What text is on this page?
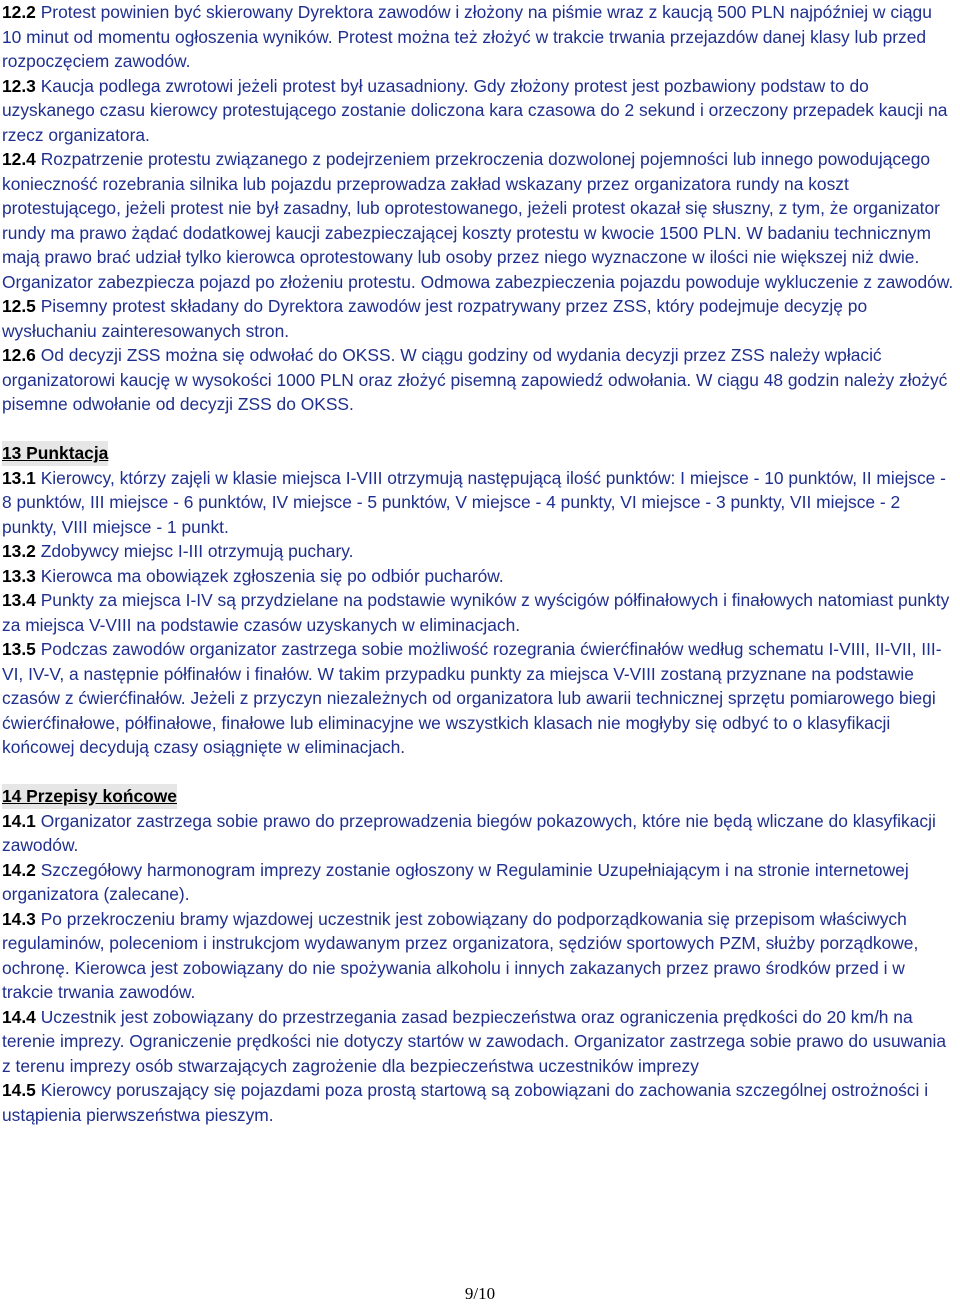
12.2 Protest powinien być skierowany Dyrektora zawodów i złożony na piśmie wraz z kaucją 500 PLN najpóźniej w ciągu 10 minut od momentu ogłoszenia wyników. Protest można też złożyć w trakcie trwania przejazdów danej klasy lub przed rozpoczęciem zawodów.

12.3 Kaucja podlega zwrotowi jeżeli protest był uzasadniony. Gdy złożony protest jest pozbawiony podstaw to do uzyskanego czasu kierowcy protestującego zostanie doliczona kara czasowa do 2 sekund i orzeczony przepadek kaucji na rzecz organizatora.

12.4 Rozpatrzenie protestu związanego z podejrzeniem przekroczenia dozwolonej pojemności lub innego powodującego konieczność rozebrania silnika lub pojazdu przeprowadza zakład wskazany przez organizatora rundy na koszt protestującego, jeżeli protest nie był zasadny, lub oprotestowanego, jeżeli protest okazał się słuszny, z tym, że organizator rundy ma prawo żądać dodatkowej kaucji zabezpieczającej koszty protestu w kwocie 1500 PLN. W badaniu technicznym mają prawo brać udział tylko kierowca oprotestowany lub osoby przez niego wyznaczone w ilości nie większej niż dwie. Organizator zabezpiecza pojazd po złożeniu protestu. Odmowa zabezpieczenia pojazdu powoduje wykluczenie z zawodów.

12.5 Pisemny protest składany do Dyrektora zawodów jest rozpatrywany przez ZSS, który podejmuje decyzję po wysłuchaniu zainteresowanych stron.

12.6 Od decyzji ZSS można się odwołać do OKSS. W ciągu godziny od wydania decyzji przez ZSS należy wpłacić organizatorowi kaucję w wysokości 1000 PLN oraz złożyć pisemną zapowiedź odwołania. W ciągu 48 godzin należy złożyć pisemne odwołanie od decyzji ZSS do OKSS.

13 Punktacja

13.1 Kierowcy, którzy zajęli w klasie miejsca I-VIII otrzymują następującą ilość punktów: I miejsce - 10 punktów, II miejsce - 8 punktów, III miejsce - 6 punktów, IV miejsce - 5 punktów, V miejsce - 4 punkty, VI miejsce - 3 punkty, VII miejsce - 2 punkty, VIII miejsce - 1 punkt.

13.2 Zdobywcy miejsc I-III otrzymują puchary.

13.3 Kierowca ma obowiązek zgłoszenia się po odbiór pucharów.

13.4 Punkty za miejsca I-IV są przydzielane na podstawie wyników z wyścigów półfinałowych i finałowych natomiast punkty za miejsca V-VIII na podstawie czasów uzyskanych w eliminacjach.

13.5 Podczas zawodów organizator zastrzega sobie możliwość rozegrania ćwierćfinałów według schematu I-VIII, II-VII, III-VI, IV-V, a następnie półfinałów i finałów. W takim przypadku punkty za miejsca V-VIII zostaną przyznane na podstawie czasów z ćwierćfinałów. Jeżeli z przyczyn niezależnych od organizatora lub awarii technicznej sprzętu pomiarowego biegi ćwierćfinałowe, półfinałowe, finałowe lub eliminacyjne we wszystkich klasach nie mogłyby się odbyć to o klasyfikacji końcowej decydują czasy osiągnięte w eliminacjach.

14 Przepisy końcowe

14.1 Organizator zastrzega sobie prawo do przeprowadzenia biegów pokazowych, które nie będą wliczane do klasyfikacji zawodów.

14.2 Szczegółowy harmonogram imprezy zostanie ogłoszony w Regulaminie Uzupełniającym i na stronie internetowej organizatora (zalecane).

14.3 Po przekroczeniu bramy wjazdowej uczestnik jest zobowiązany do podporządkowania się przepisom właściwych regulaminów, poleceniom i instrukcjom wydawanym przez organizatora, sędziów sportowych PZM, służby porządkowe, ochronę. Kierowca jest zobowiązany do nie spożywania alkoholu i innych zakazanych przez prawo środków przed i w trakcie trwania zawodów.

14.4 Uczestnik jest zobowiązany do przestrzegania zasad bezpieczeństwa oraz ograniczenia prędkości do 20 km/h na terenie imprezy. Ograniczenie prędkości nie dotyczy startów w zawodach. Organizator zastrzega sobie prawo do usuwania z terenu imprezy osób stwarzających zagrożenie dla bezpieczeństwa uczestników imprezy

14.5 Kierowcy poruszający się pojazdami poza prostą startową są zobowiązani do zachowania szczególnej ostrożności i ustąpienia pierwszeństwa pieszym.

9/10
